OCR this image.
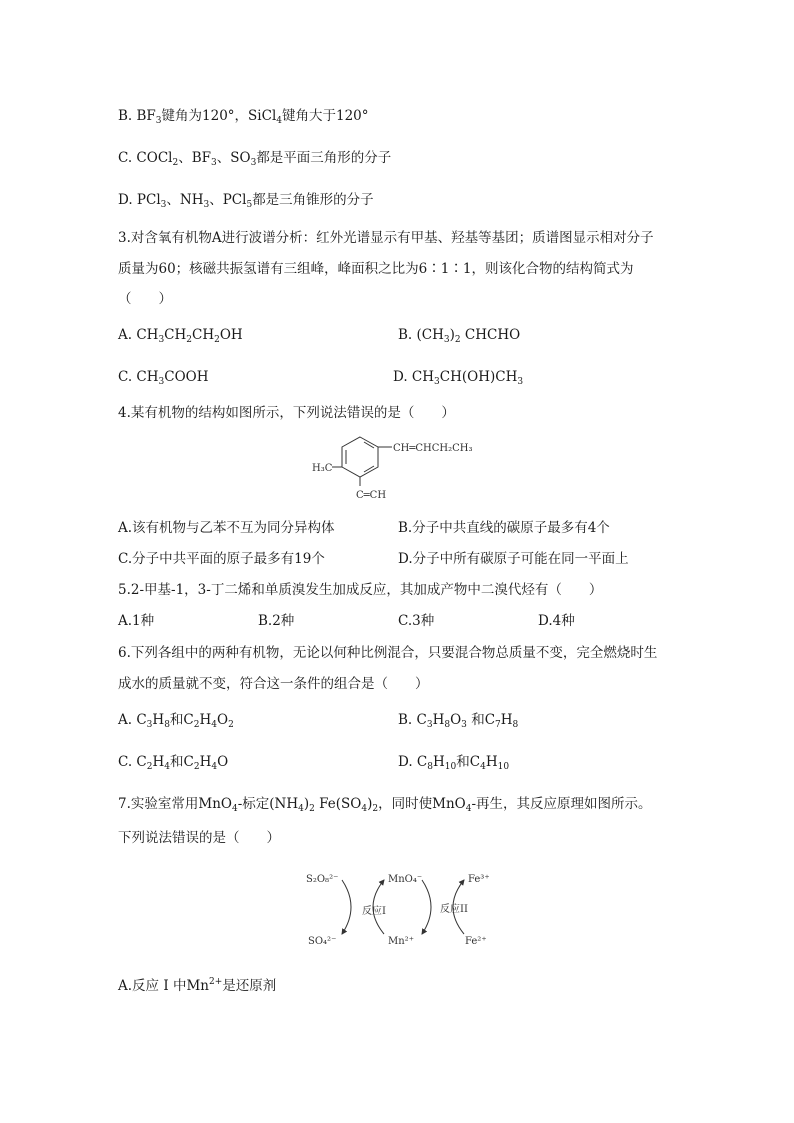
B. $BF_3$键角为120°，SiCl$_4$键角大于120°
C. COCl$_2$、$BF_3$、$SO_3$都是平面三角形的分子
D. PCl$_3$、$NH_3$、PCl$_5$都是三角锥形的分子
3.对含氧有机物A进行波谱分析：红外光谱显示有甲基、羟基等基团；质谱图显示相对分子
质量为60；核磁共振氢谱有三组峰，峰面积之比为6∶1∶1，则该化合物的结构简式为
（　　）
A. $CH_3CH_2CH_2OH$	B. $(CH_3)_2$ CHCHO
C. $CH_3COOH$	D. $CH_3CH(OH)CH_3$
4.某有机物的结构如图所示，下列说法错误的是（　　）
CH═CHCH₂CH₃
H₃C
C═CH
A.该有机物与乙苯不互为同分异构体	B.分子中共直线的碳原子最多有4个
C.分子中共平面的原子最多有19个	D.分子中所有碳原子可能在同一平面上
5.2-甲基-1，3-丁二烯和单质溴发生加成反应，其加成产物中二溴代烃有（　　）
A.1种	B.2种	C.3种	D.4种
6.下列各组中的两种有机物，无论以何种比例混合，只要混合物总质量不变，完全燃烧时生
成水的质量就不变，符合这一条件的组合是（　　）
A. $C_3H_8$和$C_2H_4O_2$	B. $C_3H_8O_3$ 和$C_7H_8$
C. $C_2H_4$和$C_2H_4O$	D. $C_8H_{10}$和$C_4H_{10}$
7.实验室常用MnO$_4$-标定$(NH_4)_2$ $Fe(SO_4)_2$，同时使MnO$_4$-再生，其反应原理如图所示。
下列说法错误的是（　　）
S₂O₈²⁻
SO₄²⁻
MnO₄⁻
Mn²⁺
Fe³⁺
Fe²⁺
反应I	反应II
A.反应 I 中$Mn^{2+}$是还原剂
